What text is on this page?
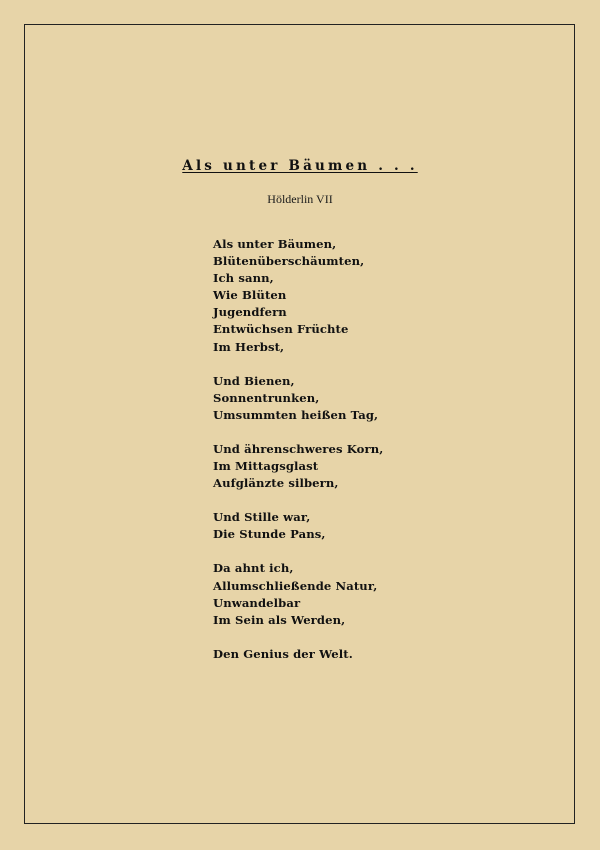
Als unter Bäumen . . .
Hölderlin VII
Als unter Bäumen,
Blütenüberschäumten,
Ich sann,
Wie Blüten
Jugendfern
Entwüchsen Früchte
Im Herbst,
Und Bienen,
Sonnentrunken,
Umsummten heißen Tag,
Und ährenschweres Korn,
Im Mittagsglast
Aufglänzte silbern,
Und Stille war,
Die Stunde Pans,
Da ahnt ich,
Allumschließende Natur,
Unwandelbar
Im Sein als Werden,
Den Genius der Welt.
